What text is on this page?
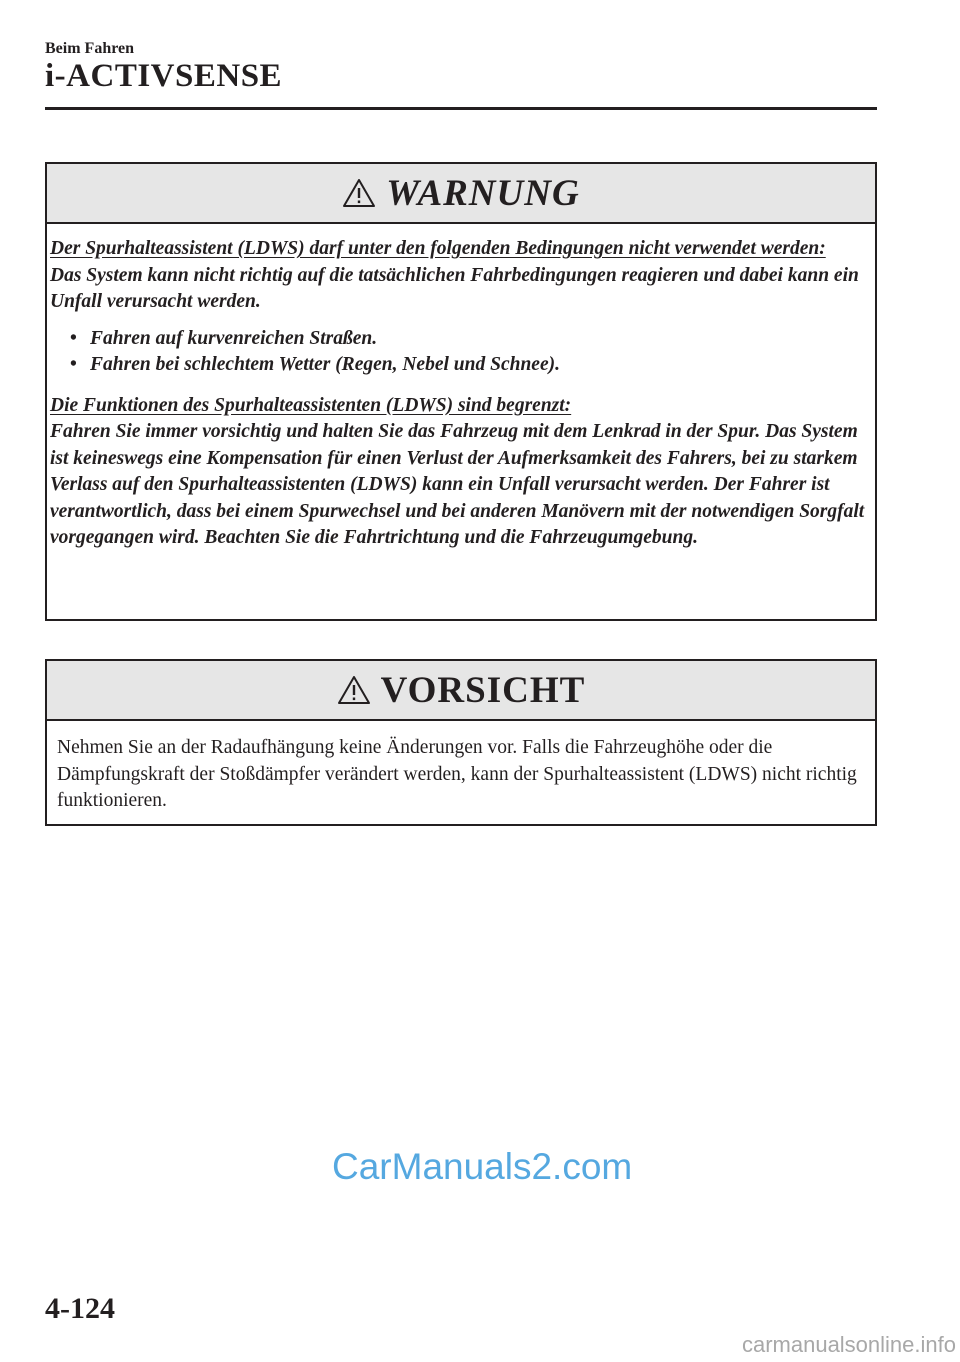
Beim Fahren
i-ACTIVSENSE
WARNUNG

Der Spurhalteassistent (LDWS) darf unter den folgenden Bedingungen nicht verwendet werden:

Das System kann nicht richtig auf die tatsächlichen Fahrbedingungen reagieren und dabei kann ein Unfall verursacht werden.

• Fahren auf kurvenreichen Straßen.
• Fahren bei schlechtem Wetter (Regen, Nebel und Schnee).

Die Funktionen des Spurhalteassistenten (LDWS) sind begrenzt:

Fahren Sie immer vorsichtig und halten Sie das Fahrzeug mit dem Lenkrad in der Spur. Das System ist keineswegs eine Kompensation für einen Verlust der Aufmerksamkeit des Fahrers, bei zu starkem Verlass auf den Spurhalteassistenten (LDWS) kann ein Unfall verursacht werden. Der Fahrer ist verantwortlich, dass bei einem Spurwechsel und bei anderen Manövern mit der notwendigen Sorgfalt vorgegangen wird. Beachten Sie die Fahrtrichtung und die Fahrzeugumgebung.

VORSICHT

Nehmen Sie an der Radaufhängung keine Änderungen vor. Falls die Fahrzeughöhe oder die Dämpfungskraft der Stoßdämpfer verändert werden, kann der Spurhalteassistent (LDWS) nicht richtig funktionieren.

CarManuals2.com
4-124
carmanualsonline.info
